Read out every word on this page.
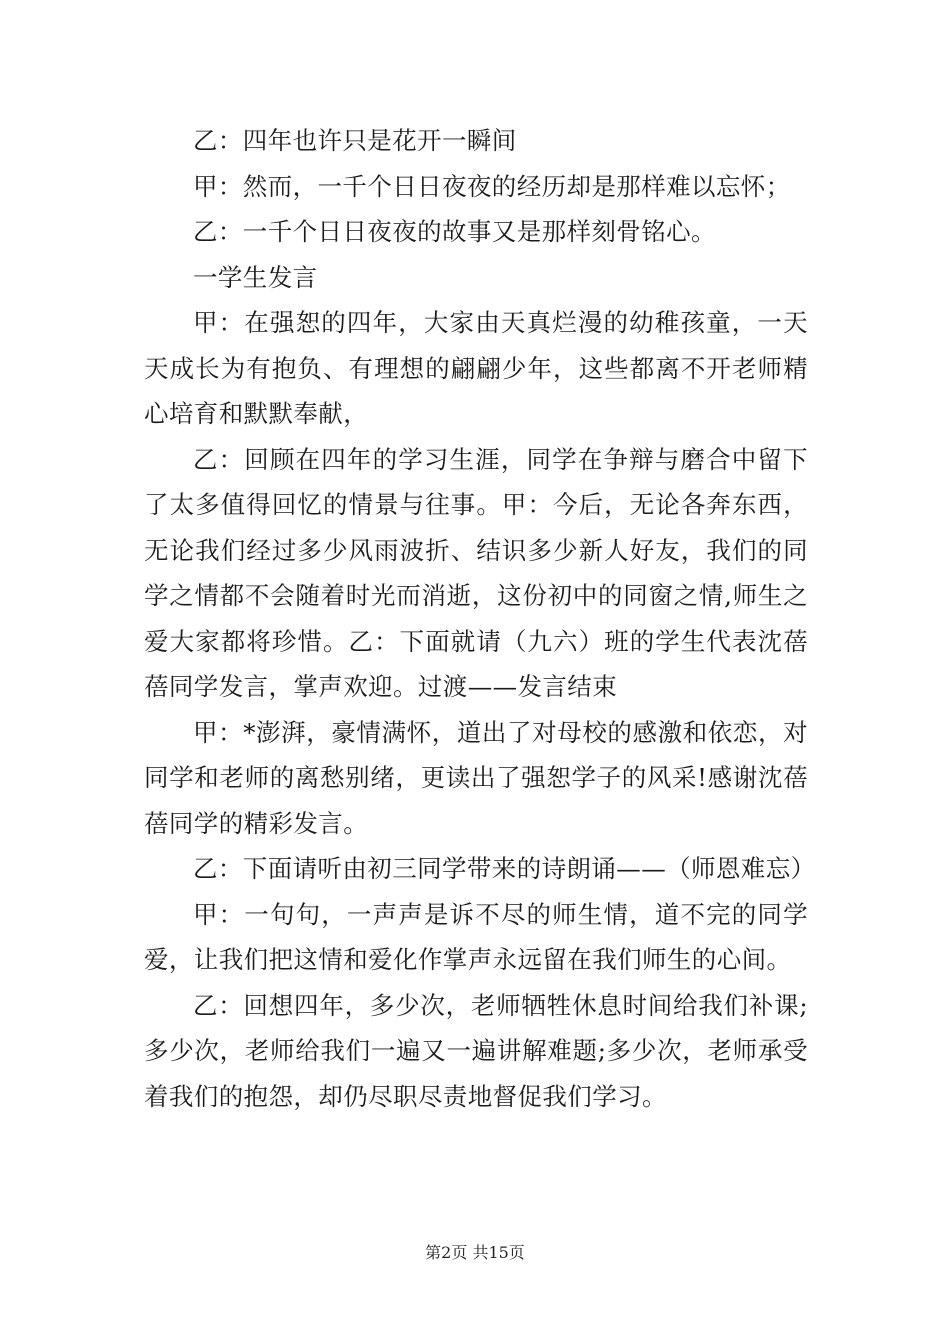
乙：四年也许只是花开一瞬间

甲：然而，一千个日日夜夜的经历却是那样难以忘怀；

乙：一千个日日夜夜的故事又是那样刻骨铭心。

一学生发言

甲：在强恕的四年，大家由天真烂漫的幼稚孩童，一天天成长为有抱负、有理想的翩翩少年，这些都离不开老师精心培育和默默奉献，

乙：回顾在四年的学习生涯，同学在争辩与磨合中留下了太多值得回忆的情景与往事。甲：今后，无论各奔东西，无论我们经过多少风雨波折、结识多少新人好友，我们的同学之情都不会随着时光而消逝，这份初中的同窗之情,师生之爱大家都将珍惜。乙：下面就请（九六）班的学生代表沈蓓蓓同学发言，掌声欢迎。过渡——发言结束

甲：*澎湃，豪情满怀，道出了对母校的感激和依恋，对同学和老师的离愁别绪，更读出了强恕学子的风采!感谢沈蓓蓓同学的精彩发言。

乙：下面请听由初三同学带来的诗朗诵——（师恩难忘）

甲：一句句，一声声是诉不尽的师生情，道不完的同学爱，让我们把这情和爱化作掌声永远留在我们师生的心间。

乙：回想四年，多少次，老师牺牲休息时间给我们补课;多少次，老师给我们一遍又一遍讲解难题;多少次，老师承受着我们的抱怨，却仍尽职尽责地督促我们学习。

第2页 共15页
